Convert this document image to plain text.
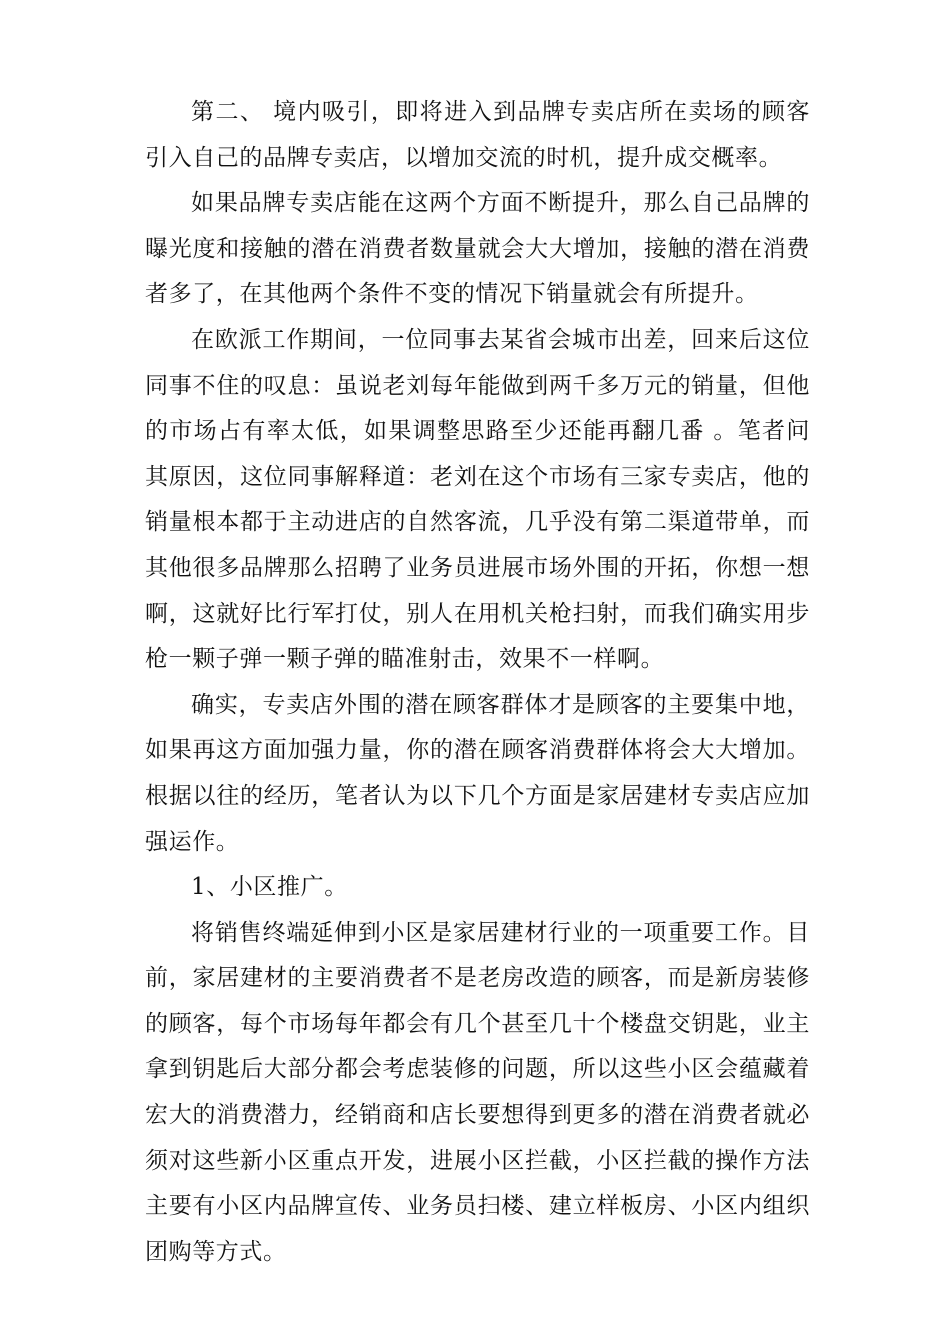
第二、 境内吸引，即将进入到品牌专卖店所在卖场的顾客引入自己的品牌专卖店，以增加交流的时机，提升成交概率。

如果品牌专卖店能在这两个方面不断提升，那么自己品牌的曝光度和接触的潜在消费者数量就会大大增加，接触的潜在消费者多了，在其他两个条件不变的情况下销量就会有所提升。

在欧派工作期间，一位同事去某省会城市出差，回来后这位同事不住的叹息：虽说老刘每年能做到两千多万元的销量，但他的市场占有率太低，如果调整思路至少还能再翻几番 。笔者问其原因，这位同事解释道：老刘在这个市场有三家专卖店，他的销量根本都于主动进店的自然客流，几乎没有第二渠道带单，而其他很多品牌那么招聘了业务员进展市场外围的开拓，你想一想啊，这就好比行军打仗，别人在用机关枪扫射，而我们确实用步枪一颗子弹一颗子弹的瞄准射击，效果不一样啊。

确实，专卖店外围的潜在顾客群体才是顾客的主要集中地，如果再这方面加强力量，你的潜在顾客消费群体将会大大增加。根据以往的经历，笔者认为以下几个方面是家居建材专卖店应加强运作。

1、小区推广。

将销售终端延伸到小区是家居建材行业的一项重要工作。目前，家居建材的主要消费者不是老房改造的顾客，而是新房装修的顾客，每个市场每年都会有几个甚至几十个楼盘交钥匙，业主拿到钥匙后大部分都会考虑装修的问题，所以这些小区会蕴藏着宏大的消费潜力，经销商和店长要想得到更多的潜在消费者就必须对这些新小区重点开发，进展小区拦截，小区拦截的操作方法主要有小区内品牌宣传、业务员扫楼、建立样板房、小区内组织团购等方式。
